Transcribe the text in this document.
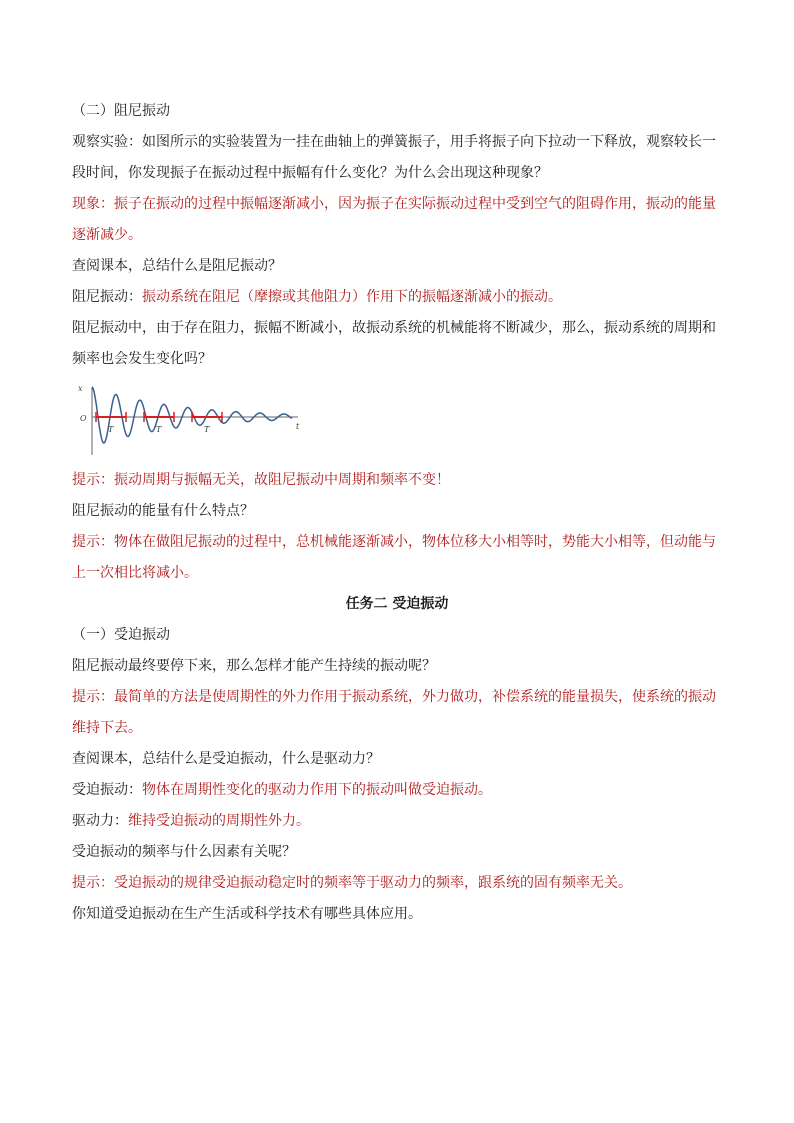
（二）阻尼振动

观察实验：如图所示的实验装置为一挂在曲轴上的弹簧振子，用手将振子向下拉动一下释放，观察较长一段时间，你发现振子在振动过程中振幅有什么变化？为什么会出现这种现象？

现象：振子在振动的过程中振幅逐渐减小，因为振子在实际振动过程中受到空气的阻碍作用，振动的能量逐渐减少。

查阅课本，总结什么是阻尼振动？

阻尼振动：振动系统在阻尼（摩擦或其他阻力）作用下的振幅逐渐减小的振动。

阻尼振动中，由于存在阻力，振幅不断减小，故振动系统的机械能将不断减少，那么，振动系统的周期和频率也会发生变化吗？

x
t
O
T	T	T

提示：振动周期与振幅无关，故阻尼振动中周期和频率不变！

阻尼振动的能量有什么特点？

提示：物体在做阻尼振动的过程中，总机械能逐渐减小，物体位移大小相等时，势能大小相等，但动能与上一次相比将减小。

任务二 受迫振动

（一）受迫振动

阻尼振动最终要停下来，那么怎样才能产生持续的振动呢？

提示：最简单的方法是使周期性的外力作用于振动系统，外力做功，补偿系统的能量损失，使系统的振动维持下去。

查阅课本，总结什么是受迫振动，什么是驱动力？

受迫振动：物体在周期性变化的驱动力作用下的振动叫做受迫振动。

驱动力：维持受迫振动的周期性外力。

受迫振动的频率与什么因素有关呢？

提示：受迫振动的规律受迫振动稳定时的频率等于驱动力的频率，跟系统的固有频率无关。

你知道受迫振动在生产生活或科学技术有哪些具体应用。
